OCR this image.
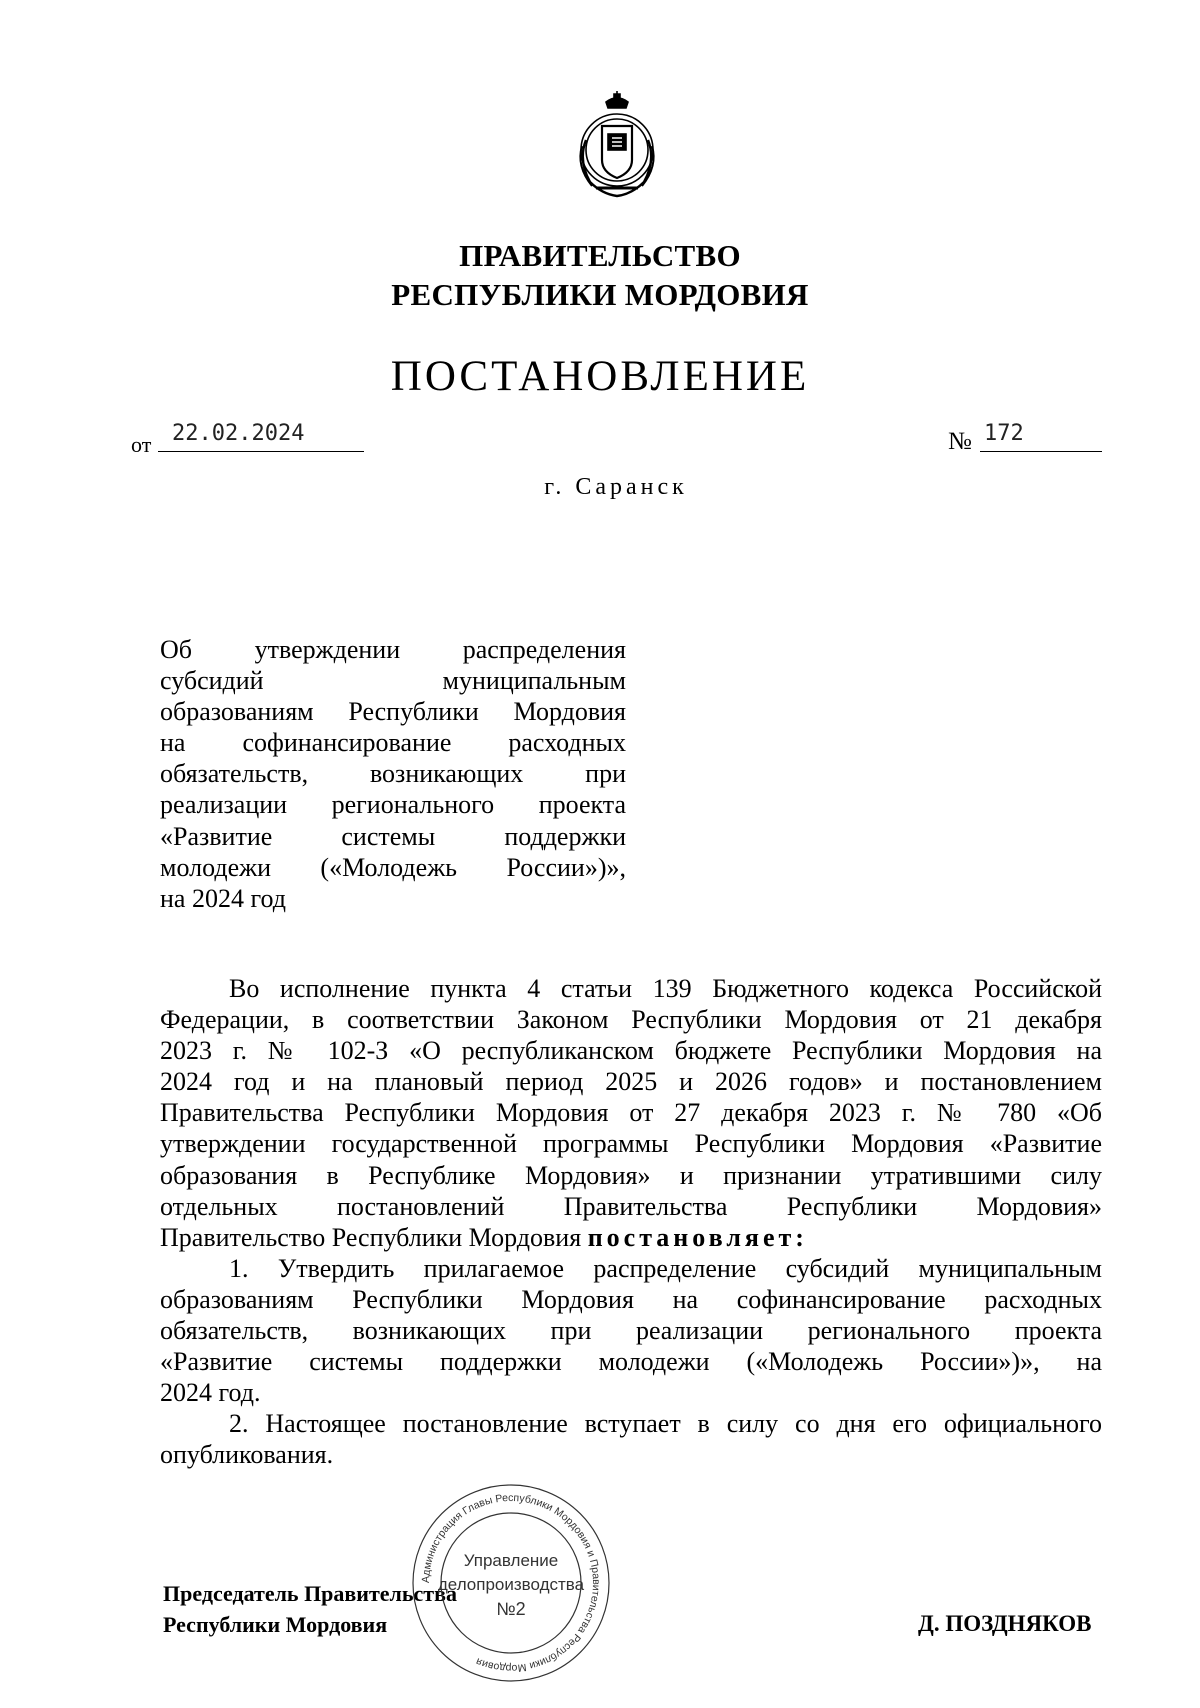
ПРАВИТЕЛЬСТВО
РЕСПУБЛИКИ МОРДОВИЯ
ПОСТАНОВЛЕНИЕ
от 22.02.2024	№ 172
г. Саранск
Об утверждении распределения
субсидий муниципальным
образованиям Республики Мордовия
на софинансирование расходных
обязательств, возникающих при
реализации регионального проекта
«Развитие системы поддержки
молодежи («Молодежь России»)»,
на 2024 год
Во исполнение пункта 4 статьи 139 Бюджетного кодекса Российской
Федерации, в соответствии Законом Республики Мордовия от 21 декабря
2023 г. № 102-З «О республиканском бюджете Республики Мордовия на
2024 год и на плановый период 2025 и 2026 годов» и постановлением
Правительства Республики Мордовия от 27 декабря 2023 г. № 780 «Об
утверждении государственной программы Республики Мордовия «Развитие
образования в Республике Мордовия» и признании утратившими силу
отдельных постановлений Правительства Республики Мордовия»
Правительство Республики Мордовия постановляет:
1. Утвердить прилагаемое распределение субсидий муниципальным
образованиям Республики Мордовия на софинансирование расходных
обязательств, возникающих при реализации регионального проекта
«Развитие системы поддержки молодежи («Молодежь России»)», на
2024 год.
2. Настоящее постановление вступает в силу со дня его официального
опубликования.
Председатель Правительства
Республики Мордовия	Д. ПОЗДНЯКОВ
Администрация Главы Республики Мордовия и Правительства Республики Мордовия
Управление
делопроизводства
№2
